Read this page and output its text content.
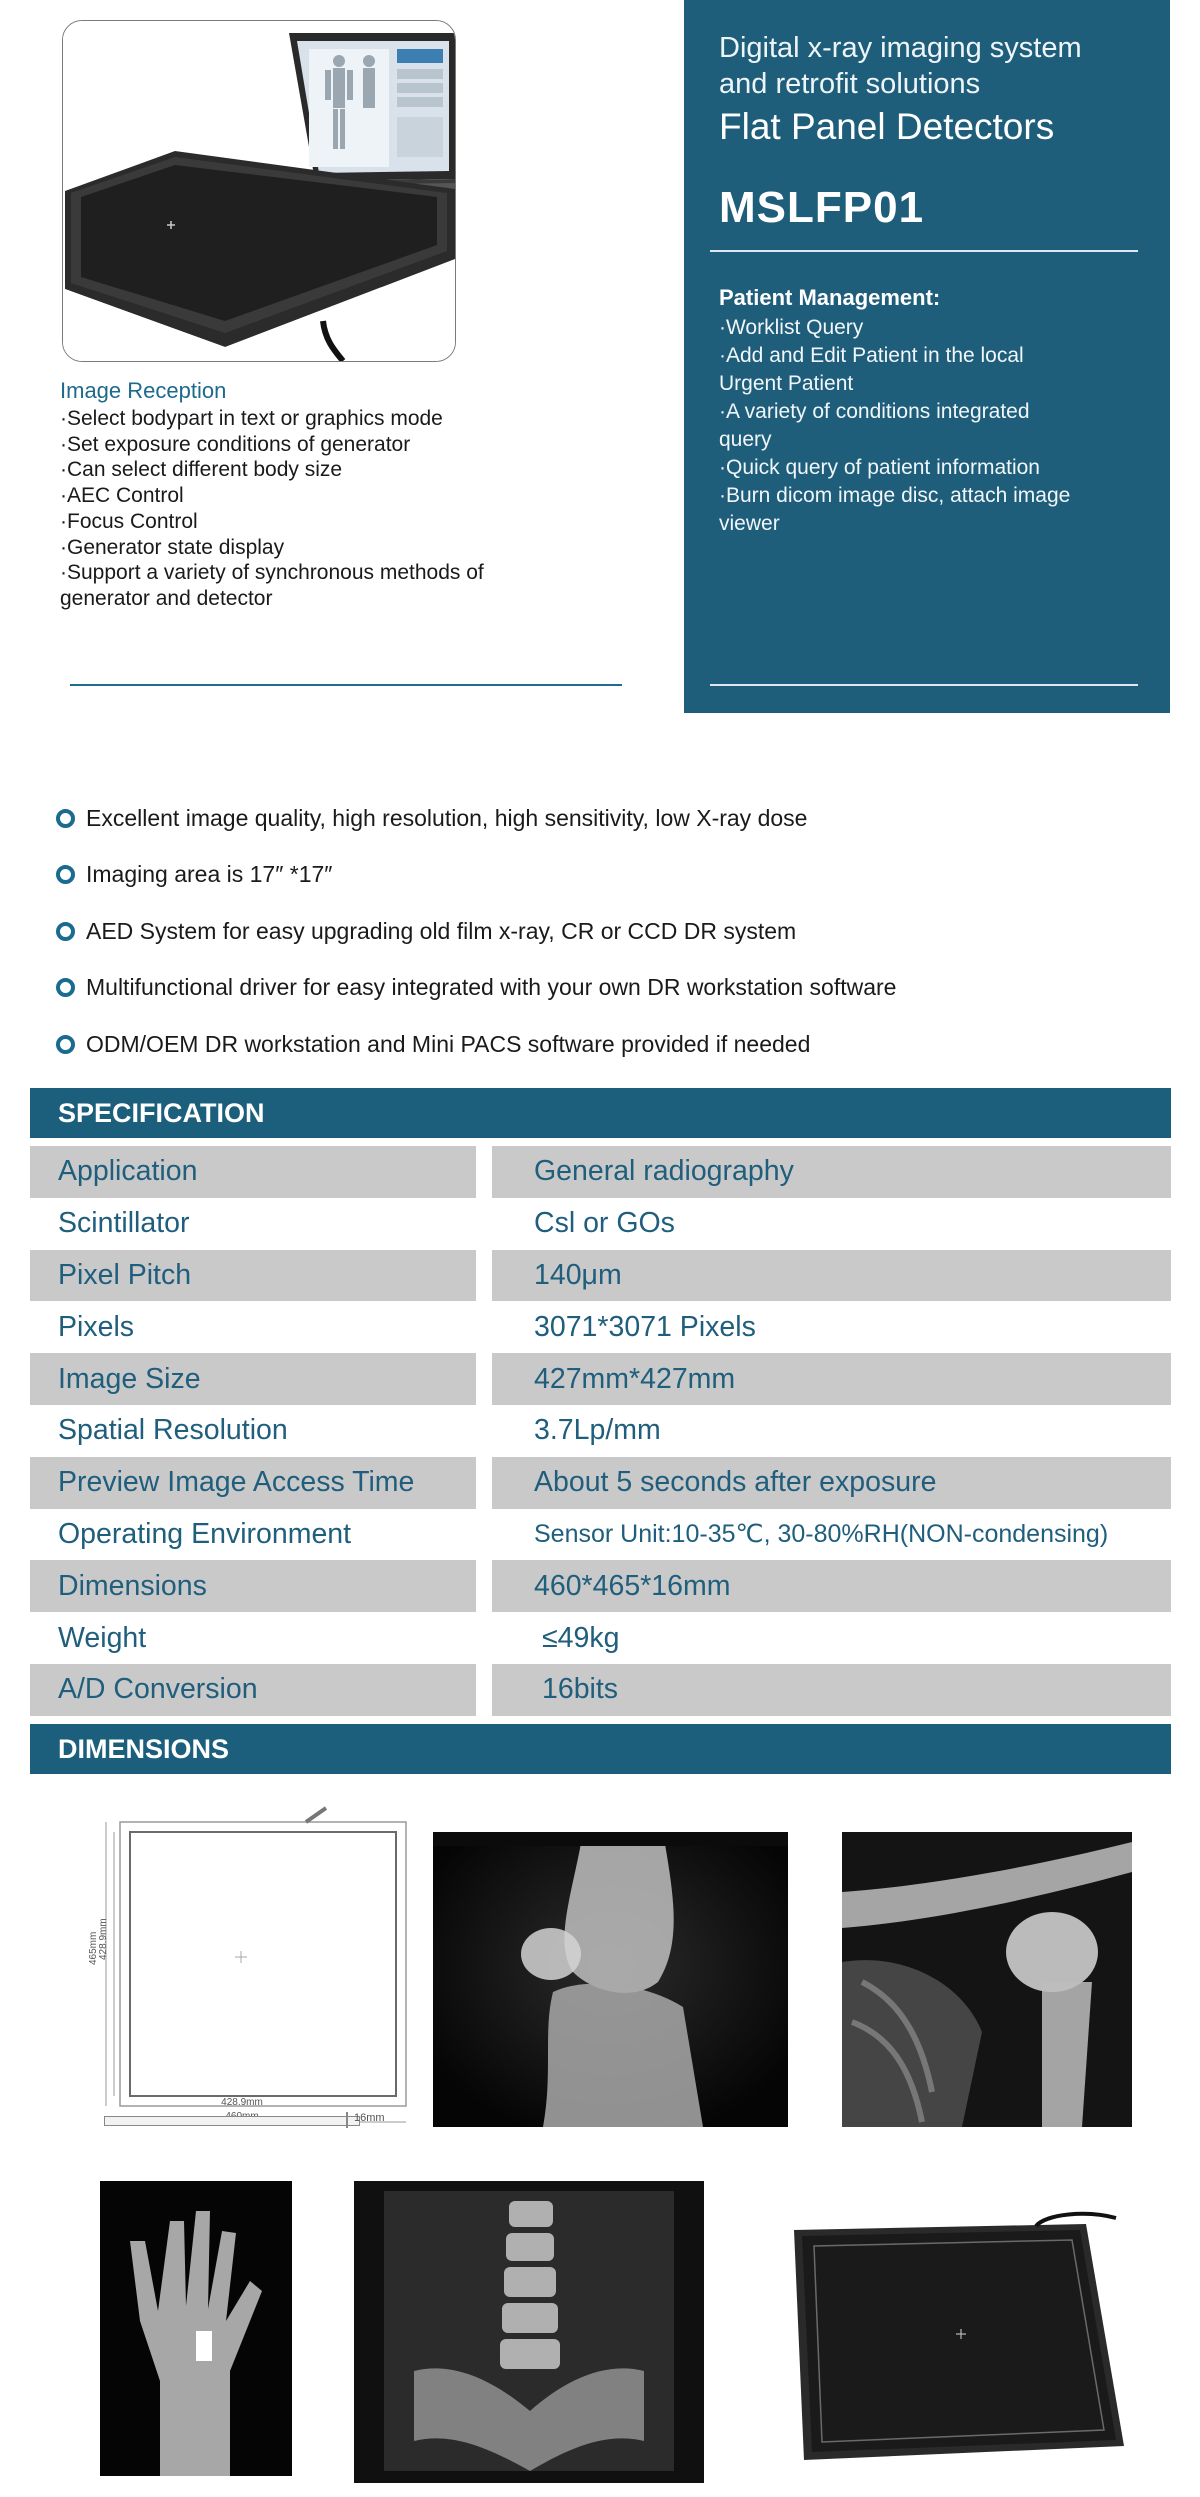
Image Reception

·Select bodypart in text or graphics mode
·Set exposure conditions of generator
·Can select different body size
·AEC Control
·Focus Control
·Generator state display
·Support a variety of synchronous methods of
generator and detector
Digital x-ray imaging system
and retrofit solutions
Flat Panel Detectors
MSLFP01
Patient Management:
·Worklist Query
·Add and Edit Patient in the local
Urgent Patient
·A variety of conditions integrated
query
·Quick query of patient information
·Burn dicom image disc, attach image
viewer
Excellent image quality, high resolution, high sensitivity, low X-ray dose
Imaging area is 17″ *17″
AED System for easy upgrading old film x-ray, CR or CCD DR system
Multifunctional driver for easy integrated with your own DR workstation software
ODM/OEM DR workstation and Mini PACS software provided if needed
SPECIFICATION
Application	General radiography
Scintillator	Csl or GOs
Pixel Pitch	140μm
Pixels	3071*3071 Pixels
Image Size	427mm*427mm
Spatial Resolution	3.7Lp/mm
Preview Image Access Time	About 5 seconds after exposure
Operating Environment	Sensor Unit:10-35℃, 30-80%RH(NON-condensing)
Dimensions	460*465*16mm
Weight	≤49kg
A/D Conversion	16bits
DIMENSIONS
428.9mm
465mm 428.9mm
16mm
